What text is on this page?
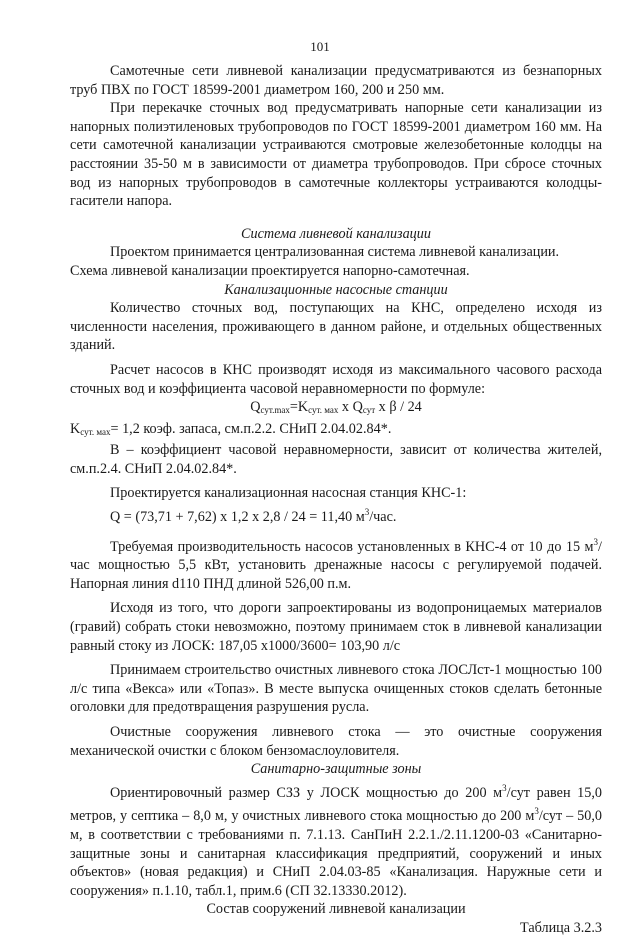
101

Самотечные сети ливневой канализации предусматриваются из безнапорных труб ПВХ по ГОСТ 18599-2001 диаметром 160, 200 и 250 мм.

При перекачке сточных вод предусматривать напорные сети канализации из напорных полиэтиленовых трубопроводов по ГОСТ 18599-2001 диаметром 160 мм. На сети самотечной канализации устраиваются смотровые железобетонные колодцы на расстоянии 35-50 м в зависимости от диаметра трубопроводов. При сбросе сточных вод из напорных трубопроводов в самотечные коллекторы устраиваются колодцы-гасители напора.

Система ливневой канализации

Проектом принимается централизованная система ливневой канализации.

Схема ливневой канализации проектируется напорно-самотечная.

Канализационные насосные станции

Количество сточных вод, поступающих на КНС, определено исходя из численности населения, проживающего в данном районе, и отдельных общественных зданий.

Расчет насосов в КНС производят исходя из максимального часового расхода сточных вод и коэффициента часовой неравномерности по формуле:

$Q_{сут.max}=K_{сут. мах}$ х $Q_{сут}$ х β / 24

$K_{сут. мах}= 1,2$ коэф. запаса, см.п.2.2. СНиП 2.04.02.84*.

В – коэффициент часовой неравномерности, зависит от количества жителей, см.п.2.4. СНиП 2.04.02.84*.

Проектируется канализационная насосная станция КНС-1:

Q = (73,71 + 7,62) х 1,2 х 2,8 / 24 = 11,40 $м^3$/час.

Требуемая производительность насосов установленных в КНС-4 от 10 до 15 $м^3$/час мощностью 5,5 кВт, установить дренажные насосы с регулируемой подачей. Напорная линия d110 ПНД длиной 526,00 п.м.

Исходя из того, что дороги запроектированы из водопроницаемых материалов (гравий) собрать стоки невозможно, поэтому принимаем сток в ливневой канализации равный стоку из ЛОСК: 187,05 х1000/3600= 103,90 л/с

Принимаем строительство очистных ливневого стока ЛОСЛст-1 мощностью 100 л/с типа «Векса» или «Топаз». В месте выпуска очищенных стоков сделать бетонные оголовки для предотвращения разрушения русла.

Очистные сооружения ливневого стока — это очистные сооружения механической очистки с блоком бензомаслоуловителя.

Санитарно-защитные зоны

Ориентировочный размер СЗЗ у ЛОСК мощностью до 200 $м^3$/сут равен 15,0 метров, у септика – 8,0 м, у очистных ливневого стока мощностью до 200 $м^3$/сут – 50,0 м, в соответствии с требованиями п. 7.1.13. СанПиН 2.2.1./2.11.1200-03 «Санитарно-защитные зоны и санитарная классификация предприятий, сооружений и иных объектов» (новая редакция) и СНиП 2.04.03-85 «Канализация. Наружные сети и сооружения» п.1.10, табл.1, прим.6 (СП 32.13330.2012).

Состав сооружений ливневой канализации

Таблица 3.2.3
